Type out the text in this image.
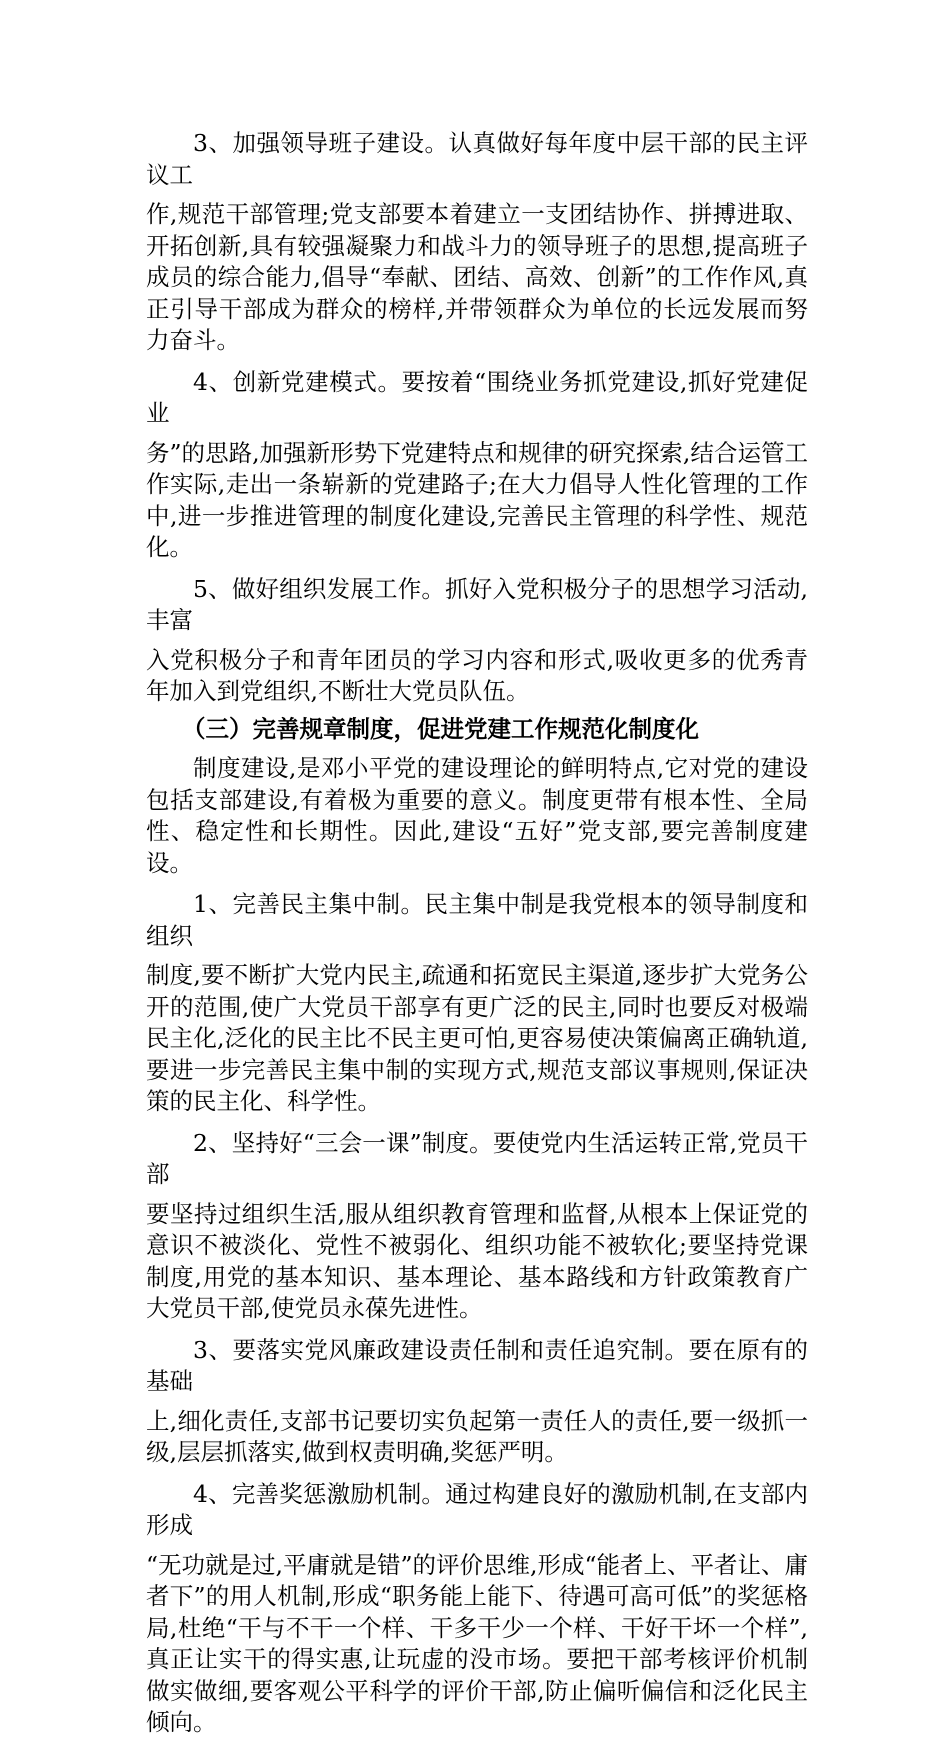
3、加强领导班子建设。认真做好每年度中层干部的民主评议工
作,规范干部管理;党支部要本着建立一支团结协作、拼搏进取、开拓创新,具有较强凝聚力和战斗力的领导班子的思想,提高班子成员的综合能力,倡导“奉献、团结、高效、创新”的工作作风,真正引导干部成为群众的榜样,并带领群众为单位的长远发展而努力奋斗。

4、创新党建模式。要按着“围绕业务抓党建设,抓好党建促业
务”的思路,加强新形势下党建特点和规律的研究探索,结合运管工作实际,走出一条崭新的党建路子;在大力倡导人性化管理的工作中,进一步推进管理的制度化建设,完善民主管理的科学性、规范化。

5、做好组织发展工作。抓好入党积极分子的思想学习活动,丰富
入党积极分子和青年团员的学习内容和形式,吸收更多的优秀青年加入到党组织,不断壮大党员队伍。

（三）完善规章制度，促进党建工作规范化制度化

制度建设,是邓小平党的建设理论的鲜明特点,它对党的建设包括支部建设,有着极为重要的意义。制度更带有根本性、全局性、稳定性和长期性。因此,建设“五好”党支部,要完善制度建设。

1、完善民主集中制。民主集中制是我党根本的领导制度和组织
制度,要不断扩大党内民主,疏通和拓宽民主渠道,逐步扩大党务公开的范围,使广大党员干部享有更广泛的民主,同时也要反对极端民主化,泛化的民主比不民主更可怕,更容易使决策偏离正确轨道,要进一步完善民主集中制的实现方式,规范支部议事规则,保证决策的民主化、科学性。

2、坚持好“三会一课”制度。要使党内生活运转正常,党员干部
要坚持过组织生活,服从组织教育管理和监督,从根本上保证党的意识不被淡化、党性不被弱化、组织功能不被软化;要坚持党课制度,用党的基本知识、基本理论、基本路线和方针政策教育广大党员干部,使党员永葆先进性。

3、要落实党风廉政建设责任制和责任追究制。要在原有的基础
上,细化责任,支部书记要切实负起第一责任人的责任,要一级抓一级,层层抓落实,做到权责明确,奖惩严明。

4、完善奖惩激励机制。通过构建良好的激励机制,在支部内形成
“无功就是过,平庸就是错”的评价思维,形成“能者上、平者让、庸者下”的用人机制,形成“职务能上能下、待遇可高可低”的奖惩格局,杜绝“干与不干一个样、干多干少一个样、干好干坏一个样”,真正让实干的得实惠,让玩虚的没市场。要把干部考核评价机制做实做细,要客观公平科学的评价干部,防止偏听偏信和泛化民主倾向。
